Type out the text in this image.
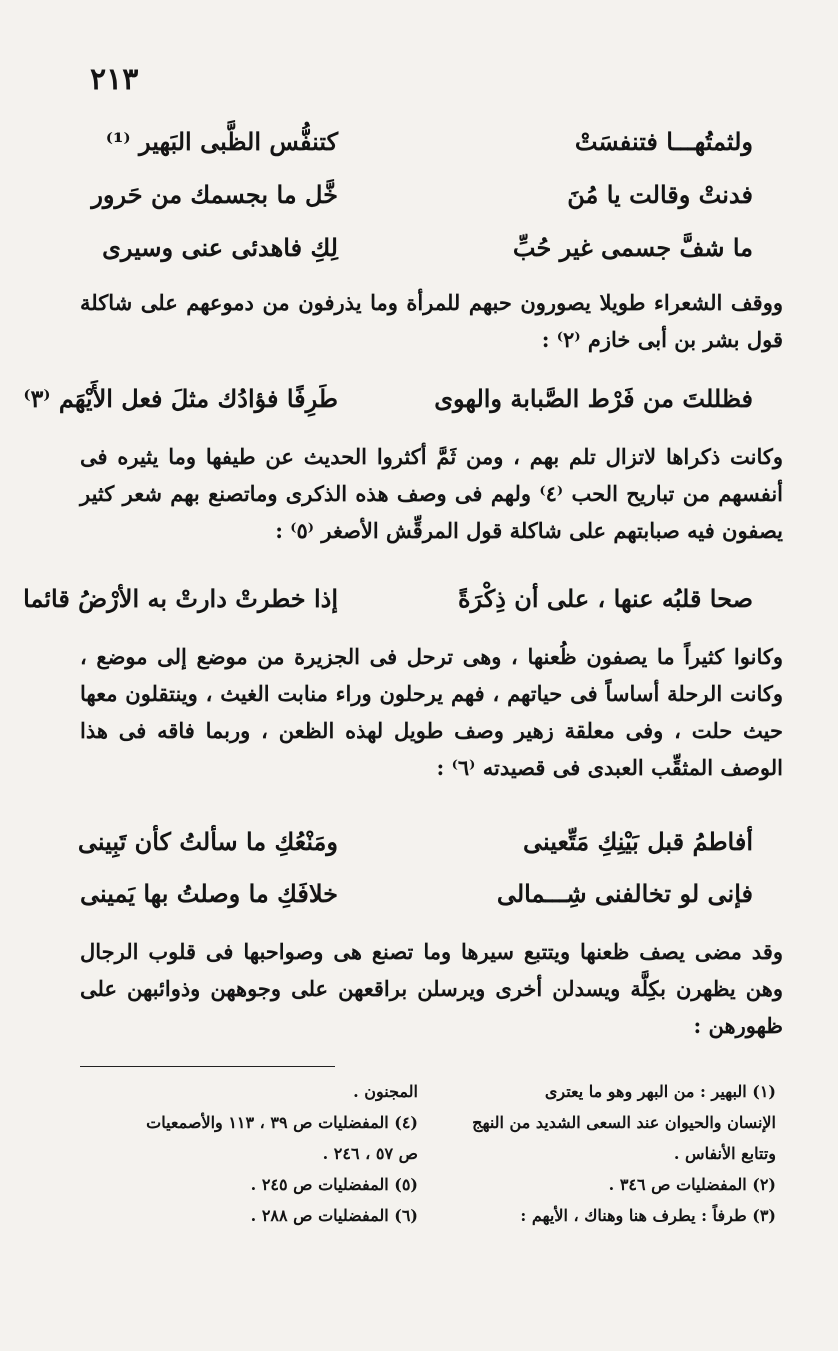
٢١٣
ولثمتُهـــا فتنفسَتْ
كتنفُّس الظَّبى البَهير ⁽¹⁾
فدنتْ وقالت يا مُنَ
خَّل ما بجسمك من حَرور
ما شفَّ جسمى غير حُبِّ
لِكِ فاهدئى عنى وسيرى
ووقف الشعراء طويلا يصورون حبهم للمرأة وما يذرفون من دموعهم على شاكلة قول بشر بن أبى خازم ⁽٢⁾ :
فظللتَ من فَرْط الصَّبابة والهوى
طَرِفًا فؤادُك مثلَ فعل الأَيْهَم ⁽٣⁾
وكانت ذكراها لاتزال تلم بهم ، ومن ثَمَّ أكثروا الحديث عن طيفها وما يثيره فى أنفسهم من تباريح الحب ⁽٤⁾ ولهم فى وصف هذه الذكرى وماتصنع بهم شعر كثير يصفون فيه صبابتهم على شاكلة قول المرقِّش الأصغر ⁽٥⁾ :
صحا قلبُه عنها ، على أن ذِكْرَةً
إذا خطرتْ دارتْ به الأرْضُ قائما
وكانوا كثيراً ما يصفون ظُعنها ، وهى ترحل فى الجزيرة من موضع إلى موضع ، وكانت الرحلة أساساً فى حياتهم ، فهم يرحلون وراء منابت الغيث ، وينتقلون معها حيث حلت ، وفى معلقة زهير وصف طويل لهذه الظعن ، وربما فاقه فى هذا الوصف المثقِّب العبدى فى قصيدته ⁽٦⁾ :
أفاطمُ قبل بَيْنِكِ مَتِّعينى
ومَنْعُكِ ما سألتُ كأن تَبِينى
فإنى لو تخالفنى شِـــمالى
خلافَكِ ما وصلتُ بها يَمينى
وقد مضى يصف ظعنها ويتتبع سيرها وما تصنع هى وصواحبها فى قلوب الرجال وهن يظهرن بكِلَّة ويسدلن أخرى ويرسلن براقعهن على وجوههن وذوائبهن على ظهورهن :
(١) البهير : من البهر وهو ما يعترى
الإنسان والحيوان عند السعى الشديد من النهج
وتتابع الأنفاس .
(٢) المفضليات ص ٣٤٦ .
(٣) طرفاً : يطرف هنا وهناك ، الأيهم :
المجنون .
(٤) المفضليات ص ٣٩ ، ١١٣ والأصمعيات
ص ٥٧ ، ٢٤٦ .
(٥) المفضليات ص ٢٤٥ .
(٦) المفضليات ص ٢٨٨ .
